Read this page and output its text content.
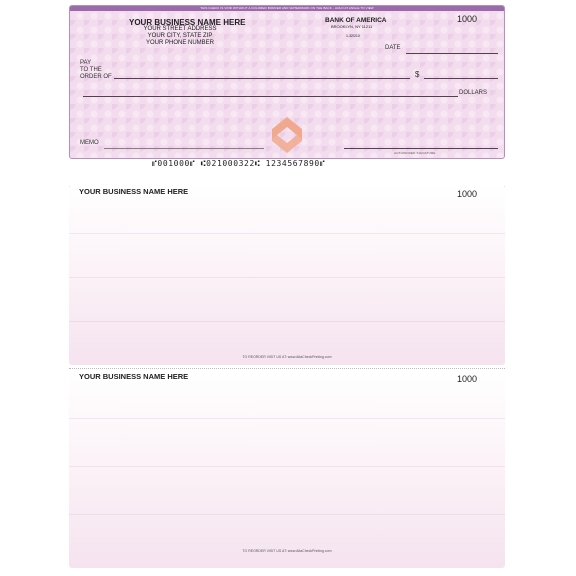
THIS CHECK IS VOID WITHOUT A COLORED BORDER AND WATERMARK ON THE BACK - HOLD AT ANGLE TO VIEW
YOUR BUSINESS NAME HERE
YOUR STREET ADDRESS
YOUR CITY, STATE ZIP
YOUR PHONE NUMBER
BANK OF AMERICA
BROOKLYN, NY 11211
1-32/210
1000
DATE
PAY
TO THE
ORDER OF	$
DOLLARS
MEMO
AUTHORIZED SIGNATURE
⑈001000⑈ ⑆021000322⑆ 1234567890⑈
YOUR BUSINESS NAME HERE	1000
TO REORDER VISIT US AT: www.AltaCheckPrinting.com
YOUR BUSINESS NAME HERE	1000
TO REORDER VISIT US AT: www.AltaCheckPrinting.com
